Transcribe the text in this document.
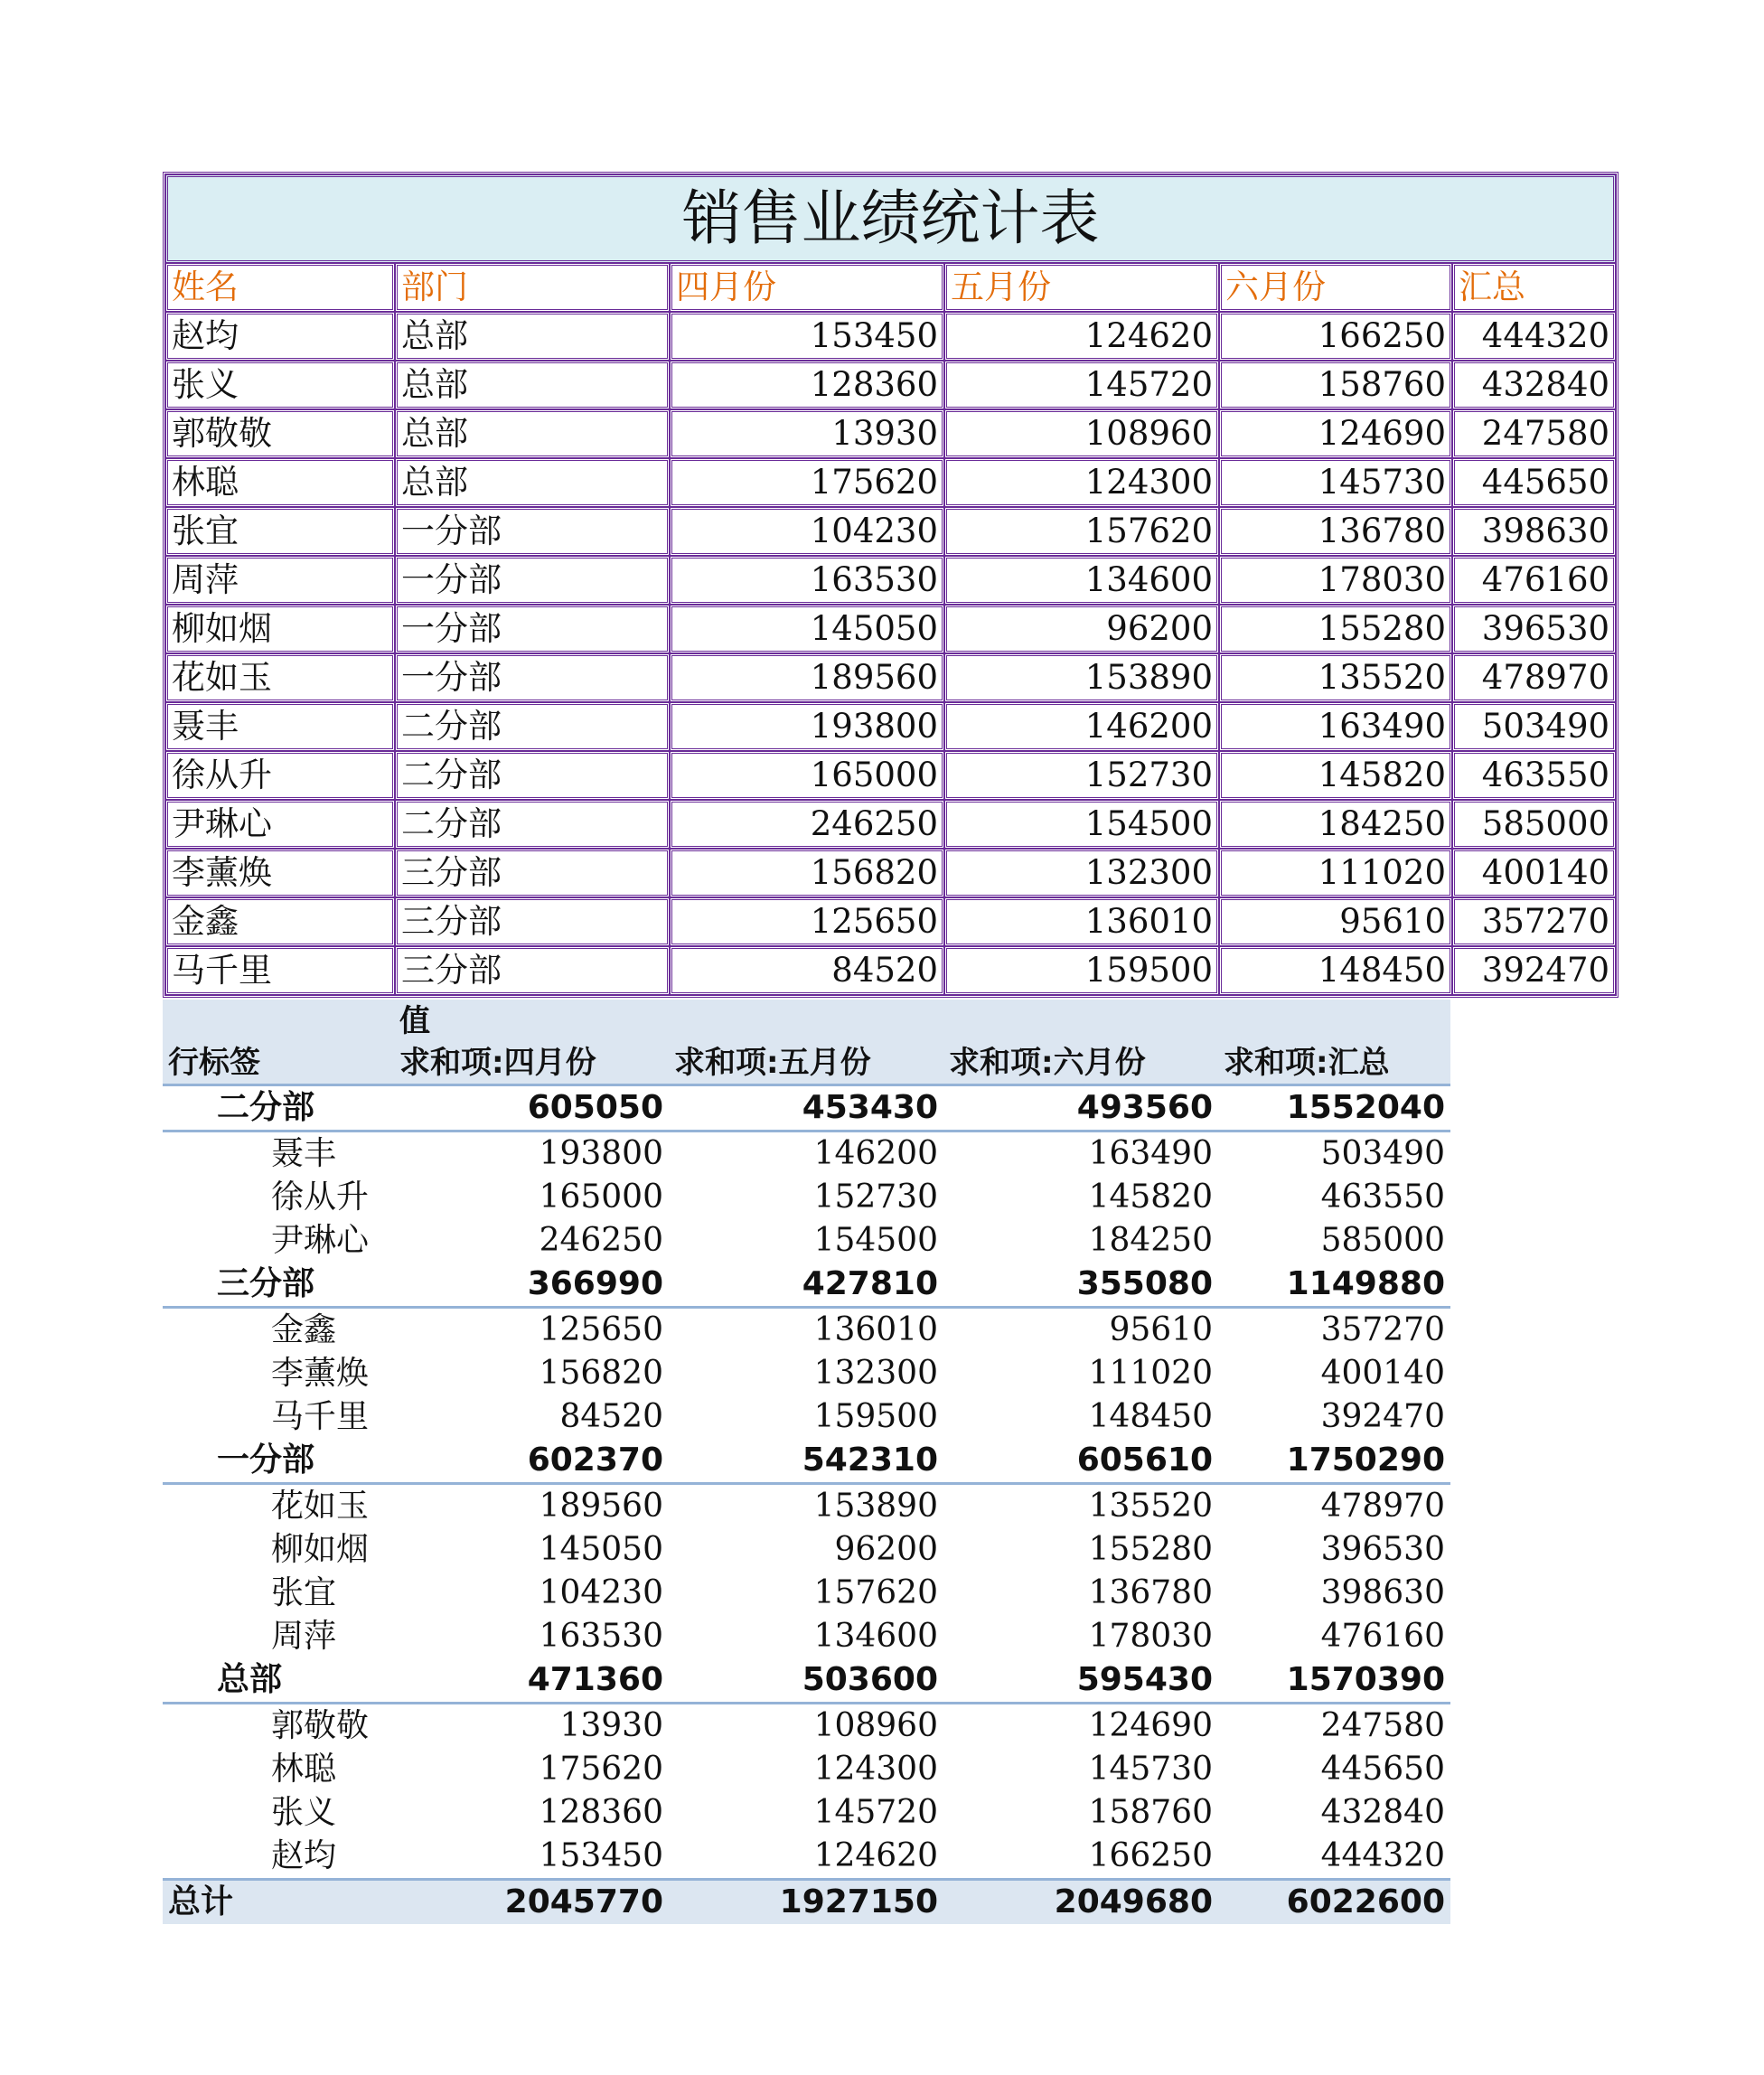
销售业绩统计表					
姓名	部门	四月份	五月份	六月份	汇总
赵均	总部	153450	124620	166250	444320
张义	总部	128360	145720	158760	432840
郭敬敬	总部	13930	108960	124690	247580
林聪	总部	175620	124300	145730	445650
张宜	一分部	104230	157620	136780	398630
周萍	一分部	163530	134600	178030	476160
柳如烟	一分部	145050	96200	155280	396530
花如玉	一分部	189560	153890	135520	478970
聂丰	二分部	193800	146200	163490	503490
徐从升	二分部	165000	152730	145820	463550
尹琳心	二分部	246250	154500	184250	585000
李薰焕	三分部	156820	132300	111020	400140
金鑫	三分部	125650	136010	95610	357270
马千里	三分部	84520	159500	148450	392470
	值			
行标签	求和项:四月份	求和项:五月份	求和项:六月份	求和项:汇总
二分部	605050	453430	493560	1552040
聂丰	193800	146200	163490	503490
徐从升	165000	152730	145820	463550
尹琳心	246250	154500	184250	585000
三分部	366990	427810	355080	1149880
金鑫	125650	136010	95610	357270
李薰焕	156820	132300	111020	400140
马千里	84520	159500	148450	392470
一分部	602370	542310	605610	1750290
花如玉	189560	153890	135520	478970
柳如烟	145050	96200	155280	396530
张宜	104230	157620	136780	398630
周萍	163530	134600	178030	476160
总部	471360	503600	595430	1570390
郭敬敬	13930	108960	124690	247580
林聪	175620	124300	145730	445650
张义	128360	145720	158760	432840
赵均	153450	124620	166250	444320
总计	2045770	1927150	2049680	6022600
